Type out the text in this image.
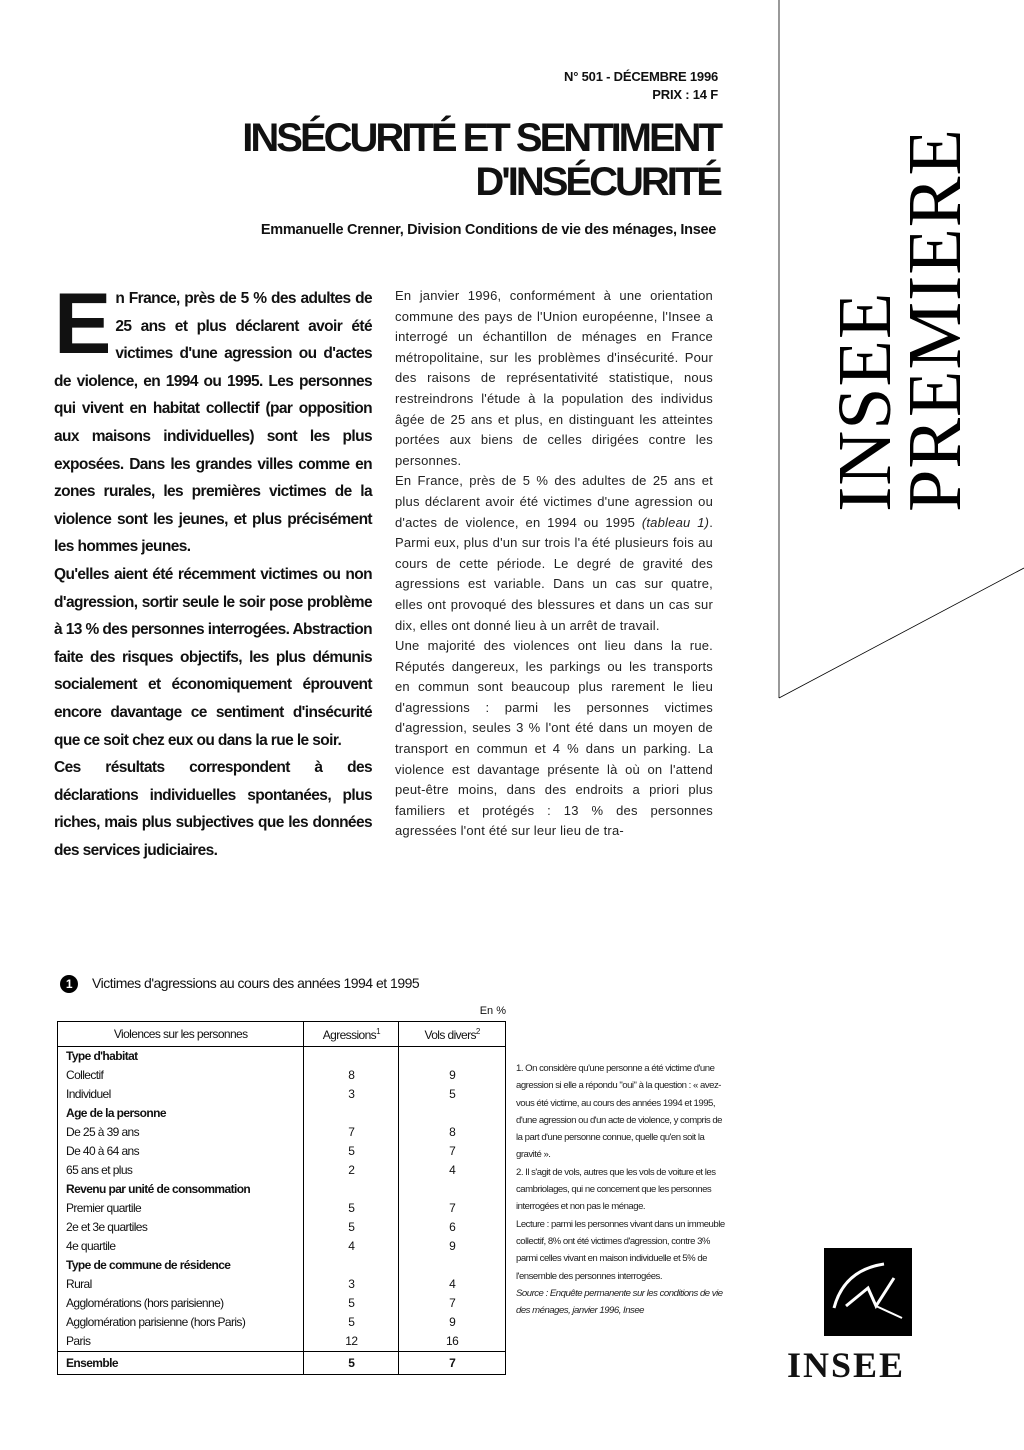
N° 501 - DÉCEMBRE 1996
PRIX : 14 F
INSÉCURITÉ ET SENTIMENT
D'INSÉCURITÉ
Emmanuelle Crenner, Division Conditions de vie des ménages, Insee
INSEE
PREMIERE
E n France, près de 5 % des adultes de 25 ans et plus déclarent avoir été victimes d'une agression ou d'actes de violence, en 1994 ou 1995. Les personnes qui vivent en habitat collectif (par opposition aux maisons individuelles) sont les plus exposées. Dans les grandes villes comme en zones rurales, les premières victimes de la violence sont les jeunes, et plus précisément les hommes jeunes.

Qu'elles aient été récemment victimes ou non d'agression, sortir seule le soir pose problème à 13 % des personnes interrogées. Abstraction faite des risques objectifs, les plus démunis socialement et économiquement éprouvent encore davantage ce sentiment d'insécurité que ce soit chez eux ou dans la rue le soir.

Ces résultats correspondent à des déclarations individuelles spontanées, plus riches, mais plus subjectives que les données des services judiciaires.

En janvier 1996, conformément à une orientation commune des pays de l'Union européenne, l'Insee a interrogé un échantillon de ménages en France métropolitaine, sur les problèmes d'insécurité. Pour des raisons de représentativité statistique, nous restreindrons l'étude à la population des individus âgée de 25 ans et plus, en distinguant les atteintes portées aux biens de celles dirigées contre les personnes.

En France, près de 5 % des adultes de 25 ans et plus déclarent avoir été victimes d'une agression ou d'actes de violence, en 1994 ou 1995 (tableau 1). Parmi eux, plus d'un sur trois l'a été plusieurs fois au cours de cette période. Le degré de gravité des agressions est variable. Dans un cas sur quatre, elles ont provoqué des blessures et dans un cas sur dix, elles ont donné lieu à un arrêt de travail.

Une majorité des violences ont lieu dans la rue. Réputés dangereux, les parkings ou les transports en commun sont beaucoup plus rarement le lieu d'agressions : parmi les personnes victimes d'agression, seules 3 % l'ont été dans un moyen de transport en commun et 4 % dans un parking. La violence est davantage présente là où on l'attend peut-être moins, dans des endroits a priori plus familiers et protégés : 13 % des personnes agressées l'ont été sur leur lieu de tra-

1 Victimes d'agressions au cours des années 1994 et 1995
En %
Violences sur les personnes	Agressions$^1$	Vols divers$^2$
Type d'habitat		
Collectif	8	9
Individuel	3	5
Age de la personne		
De 25 à 39 ans	7	8
De 40 à 64 ans	5	7
65 ans et plus	2	4
Revenu par unité de consommation		
Premier quartile	5	7
2e et 3e quartiles	5	6
4e quartile	4	9
Type de commune de résidence		
Rural	3	4
Agglomérations (hors parisienne)	5	7
Agglomération parisienne (hors Paris)	5	9
Paris	12	16
Ensemble	5	7

1. On considère qu'une personne a été victime d'une agression si elle a répondu "oui" à la question : « avez-vous été victime, au cours des années 1994 et 1995, d'une agression ou d'un acte de violence, y compris de la part d'une personne connue, quelle qu'en soit la gravité ».

2. Il s'agit de vols, autres que les vols de voiture et les cambriolages, qui ne concernent que les personnes interrogées et non pas le ménage.

Lecture : parmi les personnes vivant dans un immeuble collectif, 8% ont été victimes d'agression, contre 3% parmi celles vivant en maison individuelle et 5% de l'ensemble des personnes interrogées.

Source : Enquête permanente sur les conditions de vie des ménages, janvier 1996, Insee

INSEE
